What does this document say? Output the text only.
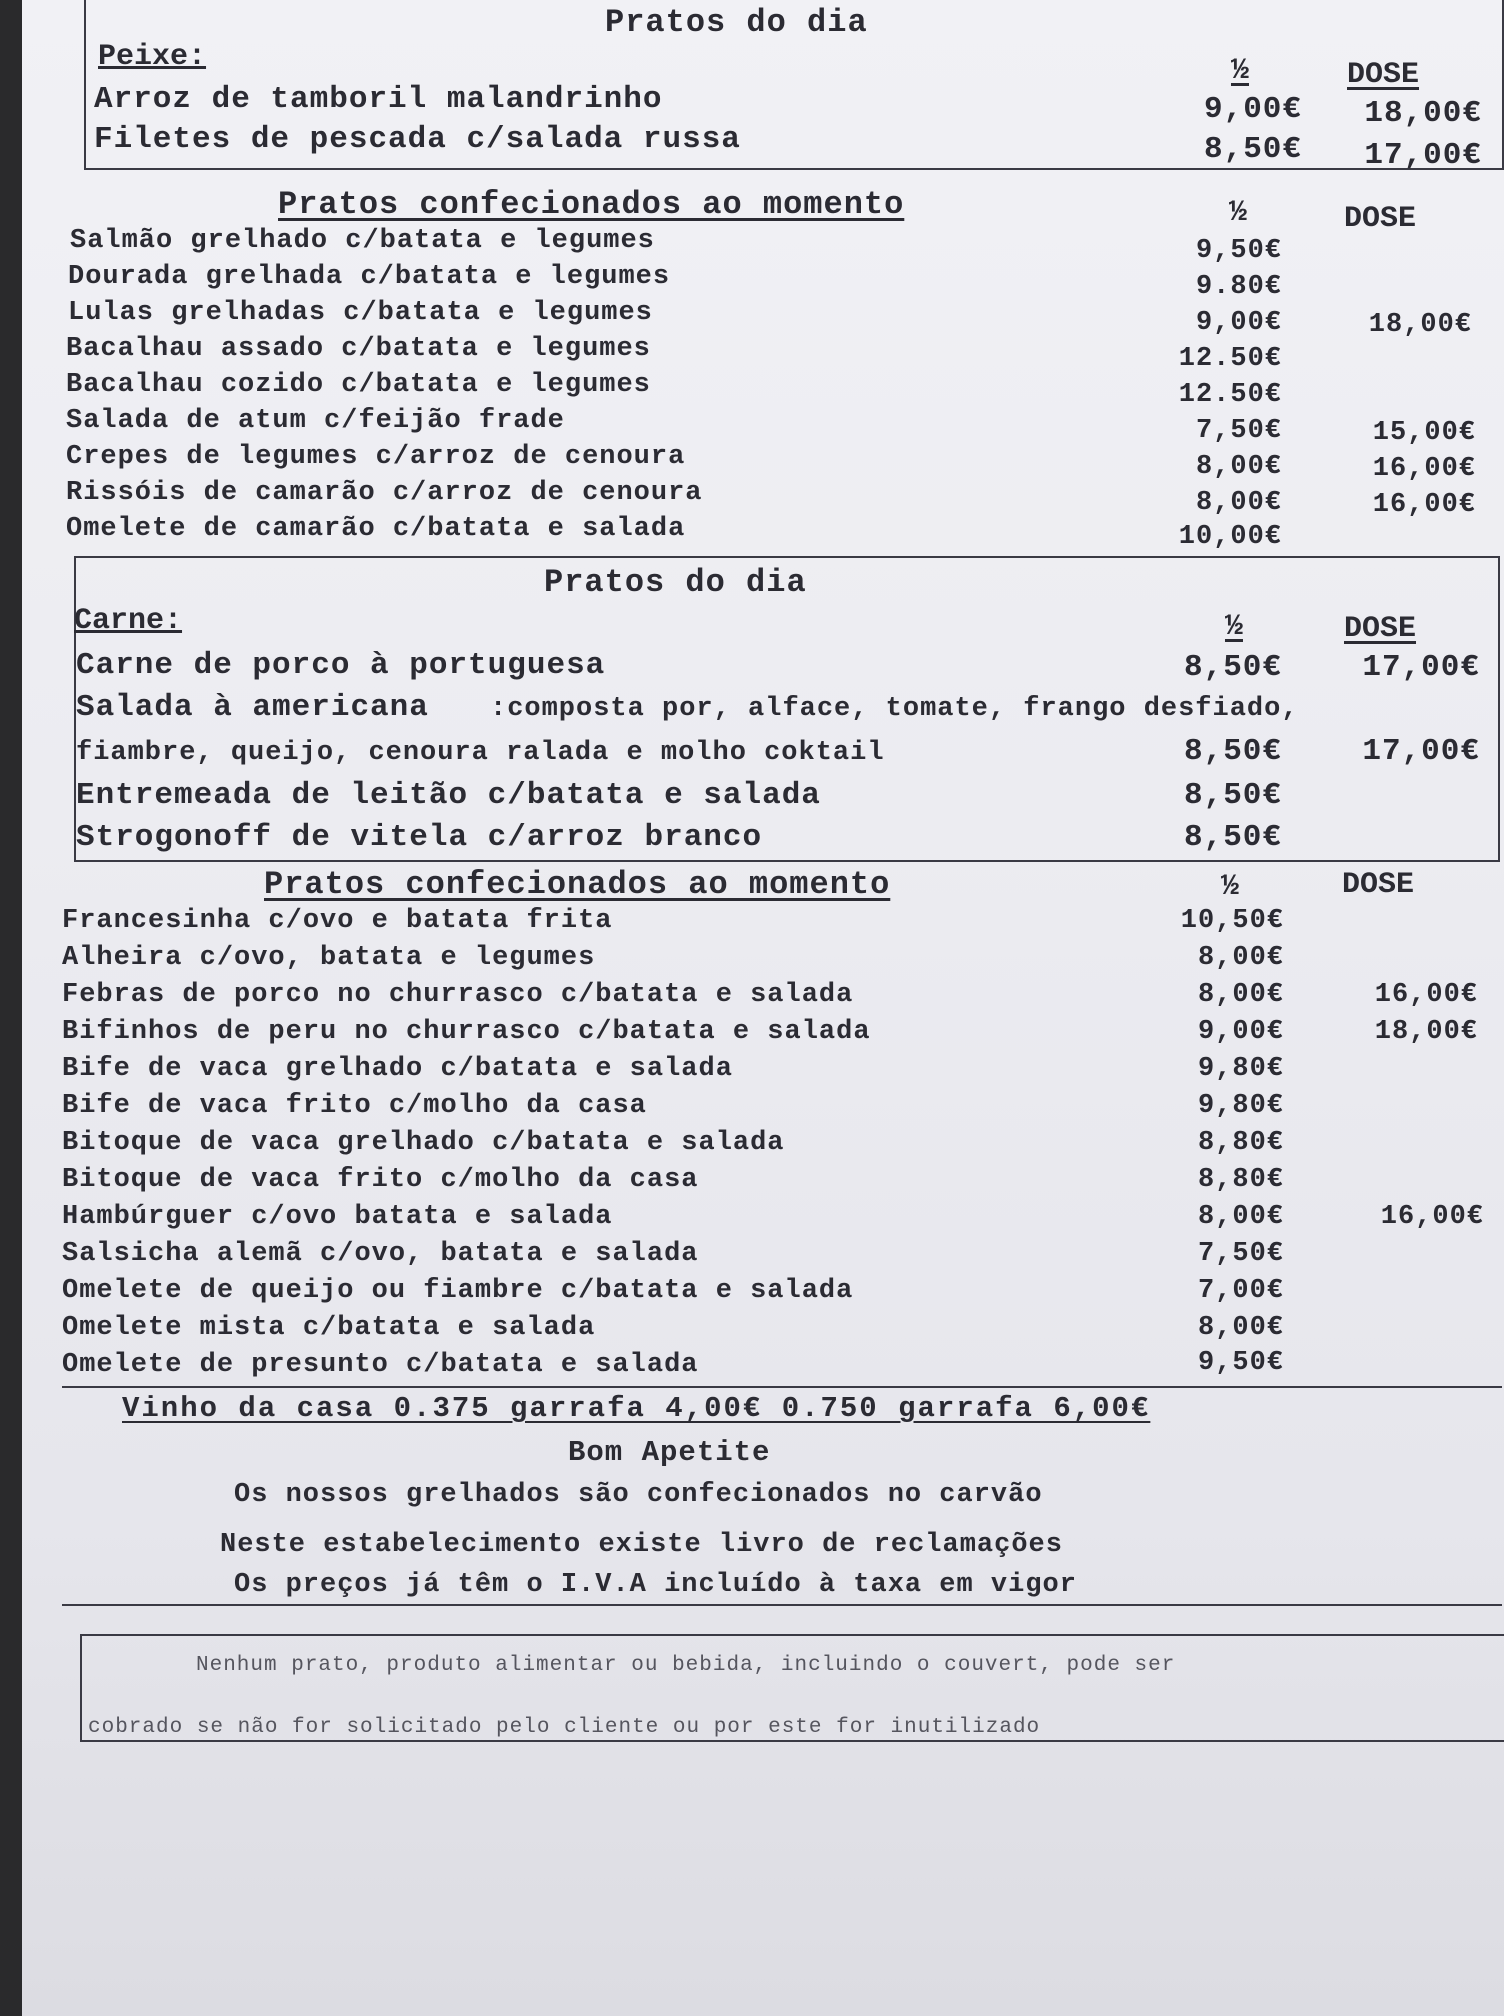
Pratos do dia
Peixe:	½	DOSE
Arroz de tamboril malandrinho	9,00€	18,00€
Filetes de pescada c/salada russa	8,50€	17,00€
Pratos confecionados ao momento	½	DOSE
Salmão grelhado c/batata e legumes	9,50€
Dourada grelhada c/batata e legumes	9.80€
Lulas grelhadas c/batata e legumes	9,00€	18,00€
Bacalhau assado c/batata e legumes	12.50€
Bacalhau cozido c/batata e legumes	12.50€
Salada de atum c/feijão frade	7,50€	15,00€
Crepes de legumes c/arroz de cenoura	8,00€	16,00€
Rissóis de camarão c/arroz de cenoura	8,00€	16,00€
Omelete de camarão c/batata e salada	10,00€
Pratos do dia
Carne:	½	DOSE
Carne de porco à portuguesa	8,50€	17,00€
Salada à americana :composta por, alface, tomate, frango desfiado,
fiambre, queijo, cenoura ralada e molho coktail	8,50€	17,00€
Entremeada de leitão c/batata e salada	8,50€
Strogonoff de vitela c/arroz branco	8,50€
Pratos confecionados ao momento	½	DOSE
Francesinha c/ovo e batata frita	10,50€
Alheira c/ovo, batata e legumes	8,00€
Febras de porco no churrasco c/batata e salada	8,00€	16,00€
Bifinhos de peru no churrasco c/batata e salada	9,00€	18,00€
Bife de vaca grelhado c/batata e salada	9,80€
Bife de vaca frito c/molho da casa	9,80€
Bitoque de vaca grelhado c/batata e salada	8,80€
Bitoque de vaca frito c/molho da casa	8,80€
Hambúrguer c/ovo batata e salada	8,00€	16,00€
Salsicha alemã c/ovo, batata e salada	7,50€
Omelete de queijo ou fiambre c/batata e salada	7,00€
Omelete mista c/batata e salada	8,00€
Omelete de presunto c/batata e salada	9,50€
Vinho da casa 0.375 garrafa 4,00€ 0.750 garrafa 6,00€
Bom Apetite
Os nossos grelhados são confecionados no carvão
Neste estabelecimento existe livro de reclamações
Os preços já têm o I.V.A incluído à taxa em vigor
Nenhum prato, produto alimentar ou bebida, incluindo o couvert, pode ser
cobrado se não for solicitado pelo cliente ou por este for inutilizado
